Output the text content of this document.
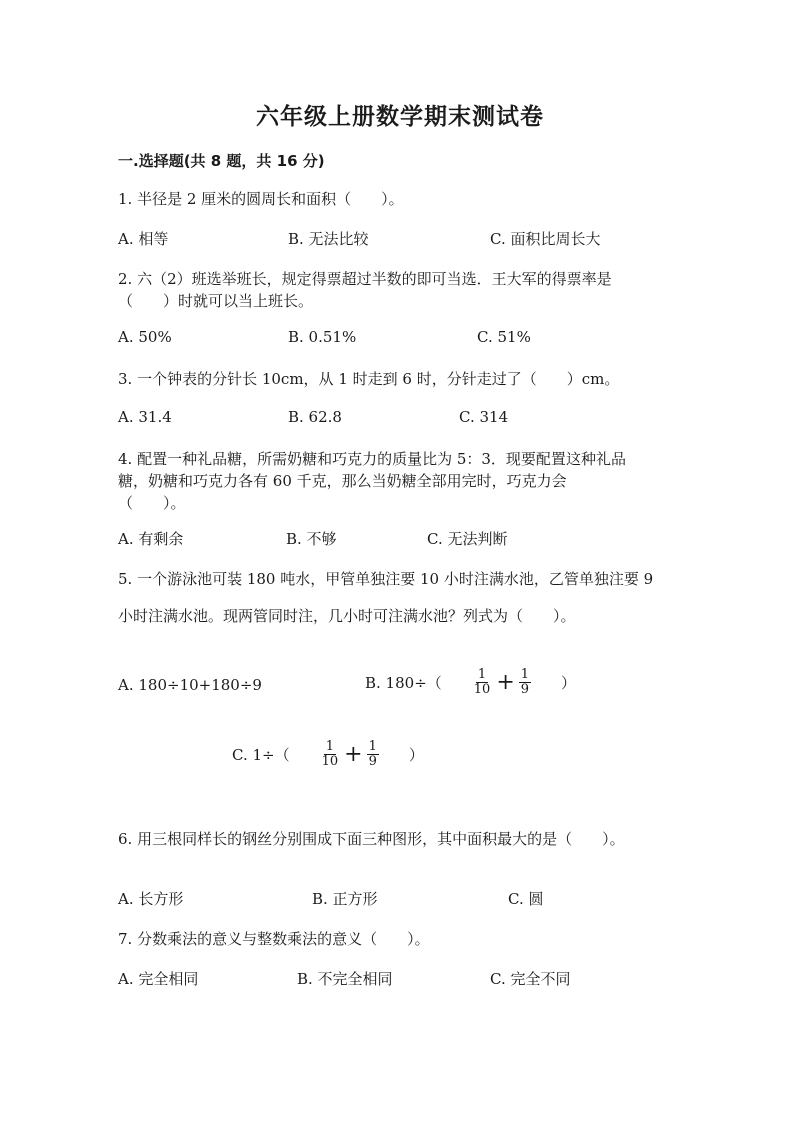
六年级上册数学期末测试卷
一.选择题(共 8 题，共 16 分)
1. 半径是 2 厘米的圆周长和面积（　　）。
A. 相等	B. 无法比较	C. 面积比周长大
2. 六（2）班选举班长，规定得票超过半数的即可当选．王大军的得票率是
（　　）时就可以当上班长。
A. 50%	B. 0.51%	C. 51%
3. 一个钟表的分针长 10cm，从 1 时走到 6 时，分针走过了（　　）cm。
A. 31.4	B. 62.8	C. 314
4. 配置一种礼品糖，所需奶糖和巧克力的质量比为 5：3．现要配置这种礼品
糖，奶糖和巧克力各有 60 千克，那么当奶糖全部用完时，巧克力会
（　　）。
A. 有剩余	B. 不够	C. 无法判断
5. 一个游泳池可装 180 吨水，甲管单独注要 10 小时注满水池，乙管单独注要 9
小时注满水池。现两管同时注，几小时可注满水池？列式为（　　）。
A. 180÷10+180÷9	B. $180\div( \frac{1}{10} + \frac{1}{9}$ ）
C. $1\div( \frac{1}{10} + \frac{1}{9}$ ）
6. 用三根同样长的钢丝分别围成下面三种图形，其中面积最大的是（　　）。
A. 长方形	B. 正方形	C. 圆
7. 分数乘法的意义与整数乘法的意义（　　）。
A. 完全相同	B. 不完全相同	C. 完全不同
